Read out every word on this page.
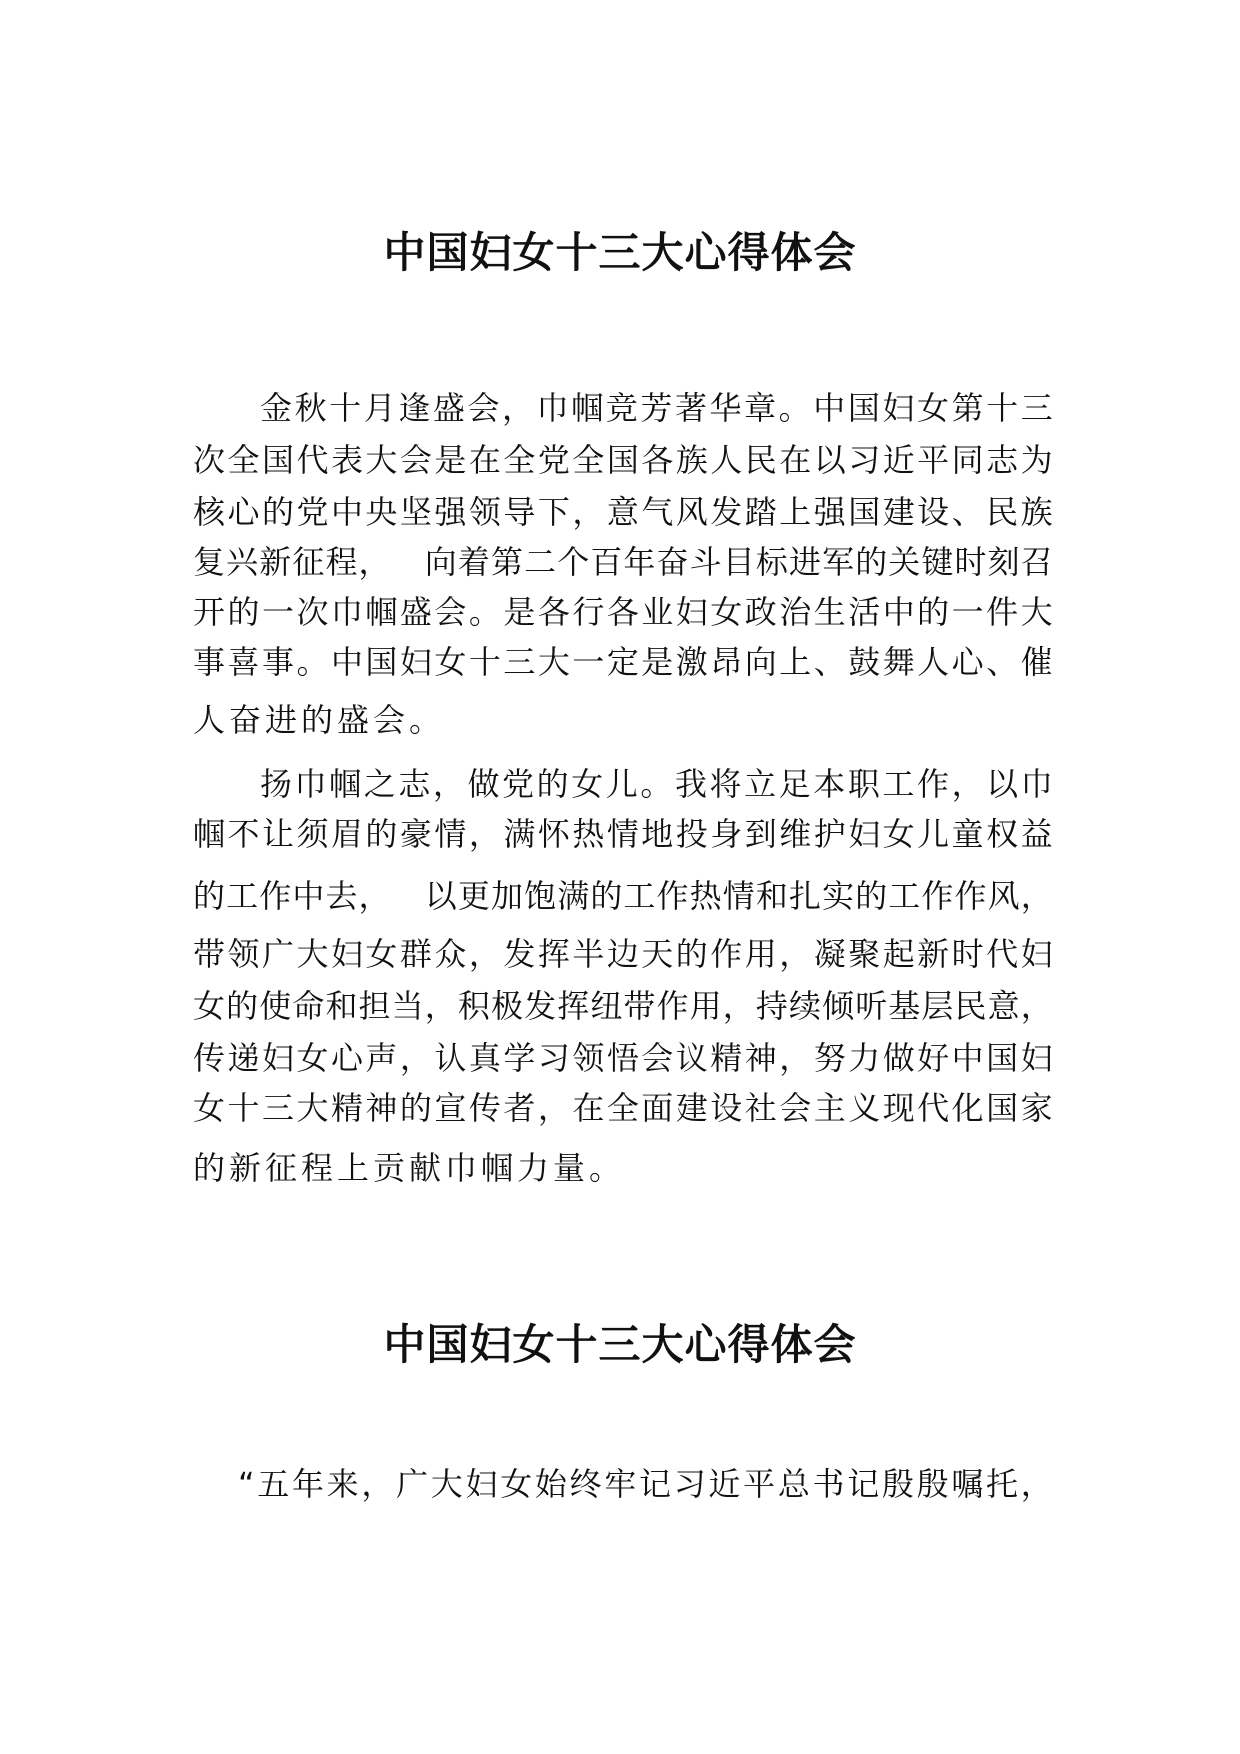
中国妇女十三大心得体会
金 秋 十 月 逢 盛 会 ， 巾 帼 竞 芳 著 华 章 。 中 国 妇 女 第 十 三
次 全 国 代 表 大 会 是 在 全 党 全 国 各 族 人 民 在 以 习 近 平 同 志 为
核 心 的 党 中 央 坚 强 领 导 下 ， 意 气 风 发 踏 上 强 国 建 设 、 民 族
复 兴 新 征 程 ，
　 向 着 第 二 个 百 年 奋 斗 目 标 进 军 的 关 键 时 刻 召
开 的 一 次 巾 帼 盛 会 。 是 各 行 各 业 妇 女 政 治 生 活 中 的 一 件 大
事 喜 事 。 中 国 妇 女 十 三 大 一 定 是 激 昂 向 上 、 鼓 舞 人 心 、 催
人奋进的盛会。
扬 巾 帼 之 志 ， 做 党 的 女 儿 。 我 将 立 足 本 职 工 作 ， 以 巾
帼 不 让 须 眉 的 豪 情 ， 满 怀 热 情 地 投 身 到 维 护 妇 女 儿 童 权 益
的 工 作 中 去 ，
　 以 更 加 饱 满 的 工 作 热 情 和 扎 实 的 工 作 作 风 ，
带 领 广 大 妇 女 群 众 ， 发 挥 半 边 天 的 作 用 ， 凝 聚 起 新 时 代 妇
女 的 使 命 和 担 当 ， 积 极 发 挥 纽 带 作 用 ， 持 续 倾 听 基 层 民 意 ，
传 递 妇 女 心 声 ， 认 真 学 习 领 悟 会 议 精 神 ， 努 力 做 好 中 国 妇
女 十 三 大 精 神 的 宣 传 者 ， 在 全 面 建 设 社 会 主 义 现 代 化 国 家
的新征程上贡献巾帼力量。
中国妇女十三大心得体会
“ 五 年 来 ， 广 大 妇 女 始 终 牢 记 习 近 平 总 书 记 殷 殷 嘱 托 ，
